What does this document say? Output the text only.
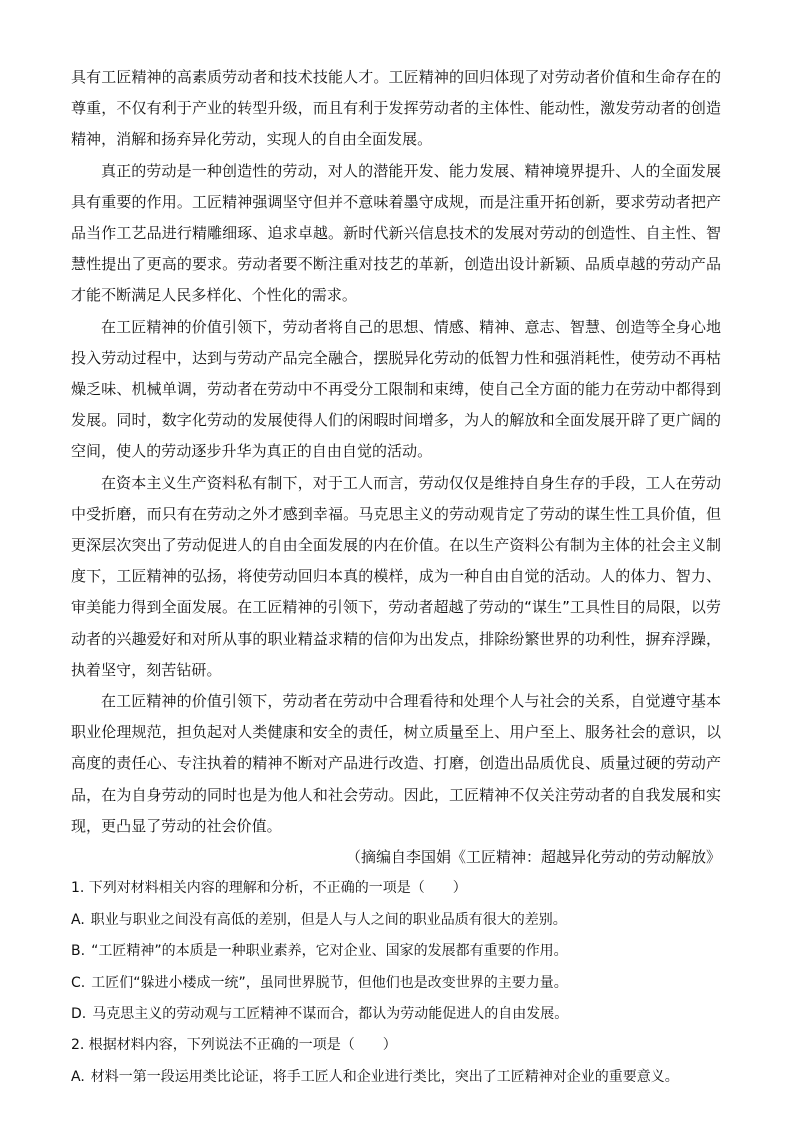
具有工匠精神的高素质劳动者和技术技能人才。工匠精神的回归体现了对劳动者价值和生命存在的尊重，不仅有利于产业的转型升级，而且有利于发挥劳动者的主体性、能动性，激发劳动者的创造精神，消解和扬弃异化劳动，实现人的自由全面发展。

真正的劳动是一种创造性的劳动，对人的潜能开发、能力发展、精神境界提升、人的全面发展具有重要的作用。工匠精神强调坚守但并不意味着墨守成规，而是注重开拓创新，要求劳动者把产品当作工艺品进行精雕细琢、追求卓越。新时代新兴信息技术的发展对劳动的创造性、自主性、智慧性提出了更高的要求。劳动者要不断注重对技艺的革新，创造出设计新颖、品质卓越的劳动产品才能不断满足人民多样化、个性化的需求。

在工匠精神的价值引领下，劳动者将自己的思想、情感、精神、意志、智慧、创造等全身心地投入劳动过程中，达到与劳动产品完全融合，摆脱异化劳动的低智力性和强消耗性，使劳动不再枯燥乏味、机械单调，劳动者在劳动中不再受分工限制和束缚，使自己全方面的能力在劳动中都得到发展。同时，数字化劳动的发展使得人们的闲暇时间增多，为人的解放和全面发展开辟了更广阔的空间，使人的劳动逐步升华为真正的自由自觉的活动。

在资本主义生产资料私有制下，对于工人而言，劳动仅仅是维持自身生存的手段，工人在劳动中受折磨，而只有在劳动之外才感到幸福。马克思主义的劳动观肯定了劳动的谋生性工具价值，但更深层次突出了劳动促进人的自由全面发展的内在价值。在以生产资料公有制为主体的社会主义制度下，工匠精神的弘扬，将使劳动回归本真的模样，成为一种自由自觉的活动。人的体力、智力、审美能力得到全面发展。在工匠精神的引领下，劳动者超越了劳动的“谋生”工具性目的局限，以劳动者的兴趣爱好和对所从事的职业精益求精的信仰为出发点，排除纷繁世界的功利性，摒弃浮躁，执着坚守，刻苦钻研。

在工匠精神的价值引领下，劳动者在劳动中合理看待和处理个人与社会的关系，自觉遵守基本职业伦理规范，担负起对人类健康和安全的责任，树立质量至上、用户至上、服务社会的意识，以高度的责任心、专注执着的精神不断对产品进行改造、打磨，创造出品质优良、质量过硬的劳动产品，在为自身劳动的同时也是为他人和社会劳动。因此，工匠精神不仅关注劳动者的自我发展和实现，更凸显了劳动的社会价值。

（摘编自李国娟《工匠精神：超越异化劳动的劳动解放》

1. 下列对材料相关内容的理解和分析，不正确的一项是（　　）

A. 职业与职业之间没有高低的差别，但是人与人之间的职业品质有很大的差别。

B. “工匠精神”的本质是一种职业素养，它对企业、国家的发展都有重要的作用。

C. 工匠们“躲进小楼成一统”，虽同世界脱节，但他们也是改变世界的主要力量。

D. 马克思主义的劳动观与工匠精神不谋而合，都认为劳动能促进人的自由发展。

2. 根据材料内容，下列说法不正确的一项是（　　）

A. 材料一第一段运用类比论证，将手工匠人和企业进行类比，突出了工匠精神对企业的重要意义。
